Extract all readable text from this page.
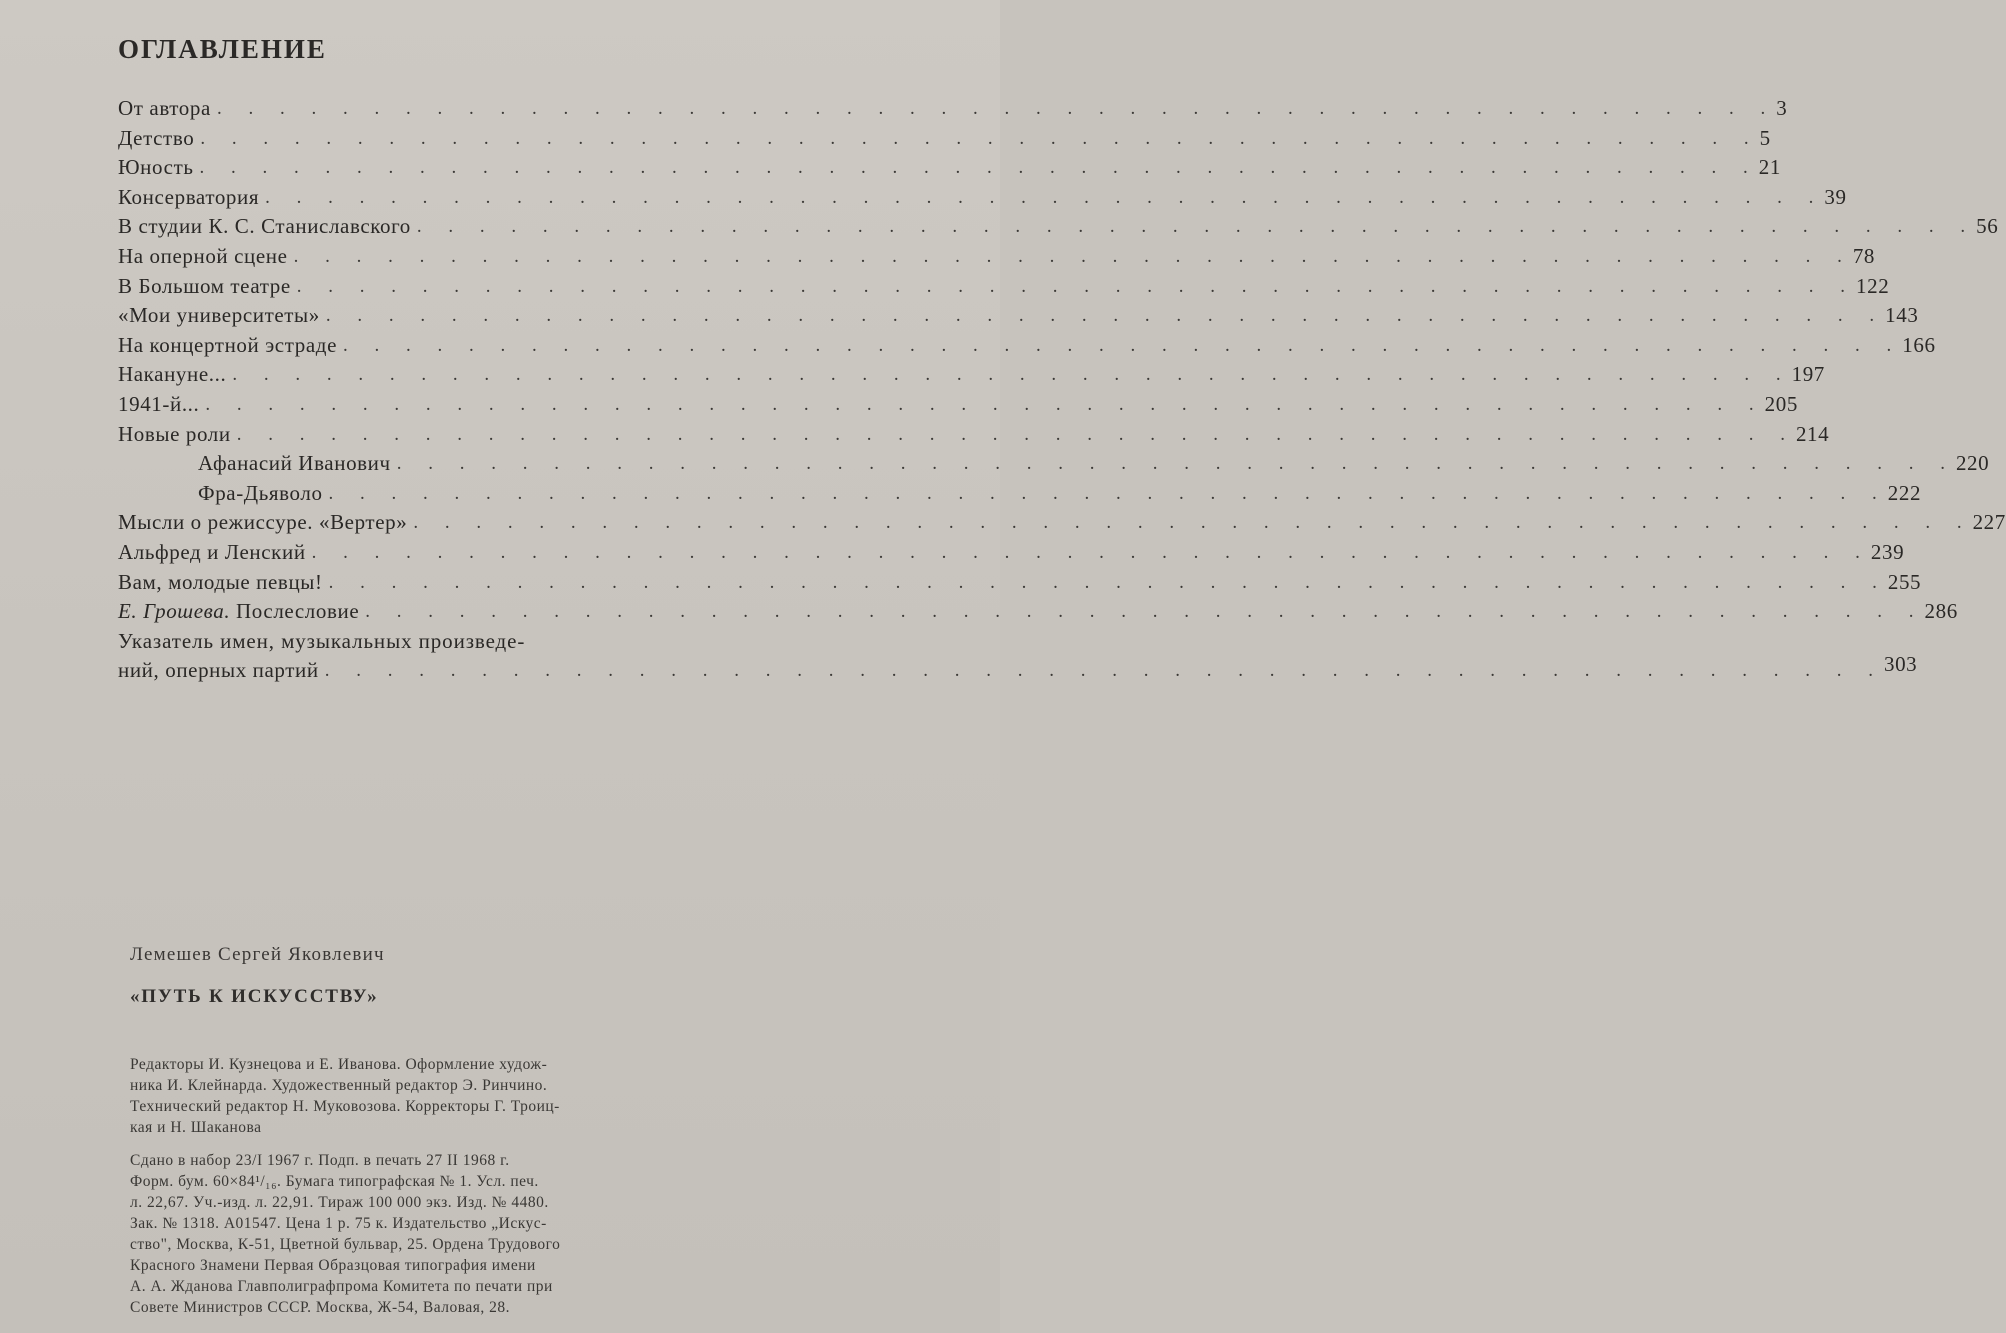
ОГЛАВЛЕНИЕ
От автора . . .	3
Детство . . .	5
Юность . . .	21
Консерватория . . .	39
В студии К. С. Станиславского . . .	56
На оперной сцене . . .	78
В Большом театре . . .	122
«Мои университеты» . . .	143
На концертной эстраде . . .	166
Накануне... . . .	197
1941-й... . . .	205
Новые роли . . .	214
Афанасий Иванович . . .	220
Фра-Дьяволо . . .	222
Мысли о режиссуре. «Вертер» . . .	227
Альфред и Ленский . . .	239
Вам, молодые певцы! . . .	255
Е. Грошева. Послесловие . . .	286
Указатель имен, музыкальных произведе-
ний, оперных партий . . .	303
Лемешев Сергей Яковлевич
«ПУТЬ К ИСКУССТВУ»
Редакторы И. Кузнецова и Е. Иванова. Оформление худож-
ника И. Клейнарда. Художественный редактор Э. Ринчино.
Технический редактор Н. Муковозова. Корректоры Г. Троиц-
кая и Н. Шаканова
Сдано в набор 23/I 1967 г. Подп. в печать 27 II 1968 г.
Форм. бум. 60×84¹/₁₆. Бумага типографская № 1. Усл. печ.
л. 22,67. Уч.-изд. л. 22,91. Тираж 100 000 экз. Изд. № 4480.
Зак. № 1318. А01547. Цена 1 р. 75 к. Издательство „Искус-
ство", Москва, К-51, Цветной бульвар, 25. Ордена Трудового
Красного Знамени Первая Образцовая типография имени
А. А. Жданова Главполиграфпрома Комитета по печати при
Совете Министров СССР. Москва, Ж-54, Валовая, 28.
